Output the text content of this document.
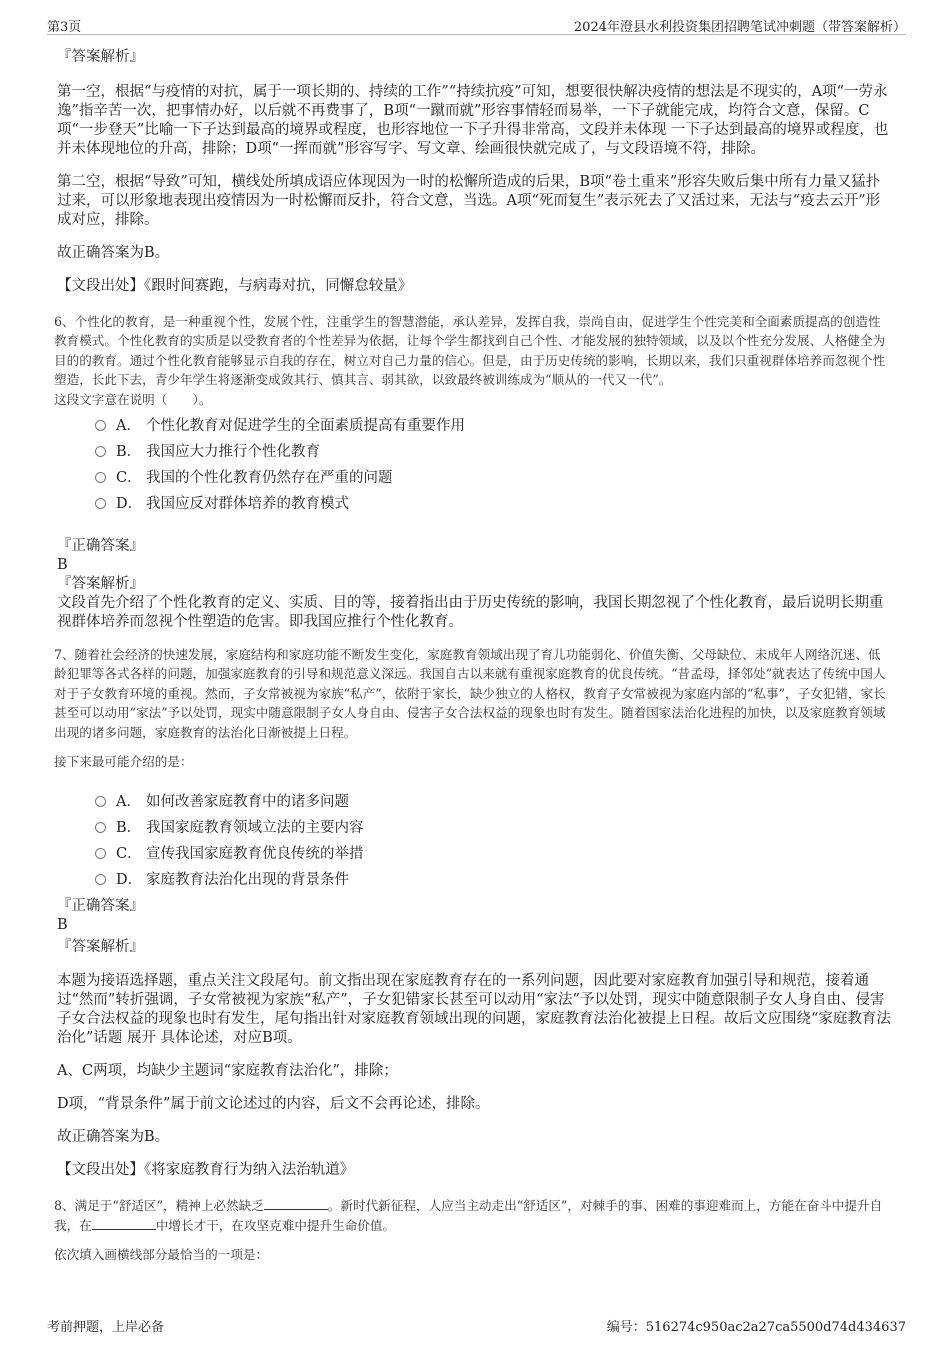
第3页	2024年澄县水利投资集团招聘笔试冲刺题（带答案解析）

『答案解析』

第一空，根据“与疫情的对抗，属于一项长期的、持续的工作”“持续抗疫”可知，想要很快解决疫情的想法是不现实的，A项“一劳永逸”指辛苦一次，把事情办好，以后就不再费事了，B项“一蹴而就”形容事情轻而易举，一下子就能完成，均符合文意，保留。C项“一步登天”比喻一下子达到最高的境界或程度，也形容地位一下子升得非常高，文段并未体现 一下子达到最高的境界或程度，也并未体现地位的升高，排除；D项“一挥而就”形容写字、写文章、绘画很快就完成了，与文段语境不符，排除。

第二空，根据“导致”可知，横线处所填成语应体现因为一时的松懈所造成的后果，B项“卷土重来”形容失败后集中所有力量又猛扑过来，可以形象地表现出疫情因为一时松懈而反扑，符合文意，当选。A项“死而复生”表示死去了又活过来，无法与“疫去云开”形成对应，排除。

故正确答案为B。

【文段出处】《跟时间赛跑，与病毒对抗，同懈怠较量》

6、个性化的教育，是一种重视个性，发展个性，注重学生的智慧潜能，承认差异，发挥自我，崇尚自由，促进学生个性完美和全面素质提高的创造性教育模式。个性化教育的实质是以受教育者的个性差异为依据，让每个学生都找到自己个性、才能发展的独特领域，以及以个性充分发展、人格健全为目的的教育。通过个性化教育能够显示自我的存在，树立对自己力量的信心。但是，由于历史传统的影响，长期以来，我们只重视群体培养而忽视个性塑造，长此下去，青少年学生将逐渐变成敛其行、慎其言、弱其欲，以致最终被训练成为“顺从的一代又一代”。

这段文字意在说明（　　）。

A． 个性化教育对促进学生的全面素质提高有重要作用
B． 我国应大力推行个性化教育
C． 我国的个性化教育仍然存在严重的问题
D． 我国应反对群体培养的教育模式

『正确答案』

B

『答案解析』

文段首先介绍了个性化教育的定义、实质、目的等，接着指出由于历史传统的影响，我国长期忽视了个性化教育，最后说明长期重视群体培养而忽视个性塑造的危害。即我国应推行个性化教育。

7、随着社会经济的快速发展，家庭结构和家庭功能不断发生变化，家庭教育领域出现了育儿功能弱化、价值失衡、父母缺位、未成年人网络沉迷、低龄犯罪等各式各样的问题，加强家庭教育的引导和规范意义深远。我国自古以来就有重视家庭教育的优良传统。“昔孟母，择邻处”就表达了传统中国人对于子女教育环境的重视。然而，子女常被视为家族“私产”，依附于家长，缺少独立的人格权，教育子女常被视为家庭内部的“私事”，子女犯错，家长甚至可以动用“家法”予以处罚，现实中随意限制子女人身自由、侵害子女合法权益的现象也时有发生。随着国家法治化进程的加快，以及家庭教育领域出现的诸多问题，家庭教育的法治化日渐被提上日程。

接下来最可能介绍的是：

A． 如何改善家庭教育中的诸多问题
B． 我国家庭教育领域立法的主要内容
C． 宣传我国家庭教育优良传统的举措
D． 家庭教育法治化出现的背景条件

『正确答案』

B

『答案解析』

本题为接语选择题，重点关注文段尾句。前文指出现在家庭教育存在的一系列问题，因此要对家庭教育加强引导和规范，接着通过“然而”转折强调，子女常被视为家族“私产”，子女犯错家长甚至可以动用“家法”予以处罚，现实中随意限制子女人身自由、侵害子女合法权益的现象也时有发生，尾句指出针对家庭教育领域出现的问题，家庭教育法治化被提上日程。故后文应围绕“家庭教育法治化”话题 展开 具体论述，对应B项。

A、C两项，均缺少主题词“家庭教育法治化”，排除；

D项，“背景条件”属于前文论述过的内容，后文不会再论述，排除。

故正确答案为B。

【文段出处】《将家庭教育行为纳入法治轨道》

8、满足于“舒适区”，精神上必然缺乏	。新时代新征程，人应当主动走出“舒适区”，对棘手的事、困难的事迎难而上，方能在奋斗中提升自我，在	中增长才干，在攻坚克难中提升生命价值。

依次填入画横线部分最恰当的一项是：

考前押题，上岸必备	编号：516274c950ac2a27ca5500d74d434637
